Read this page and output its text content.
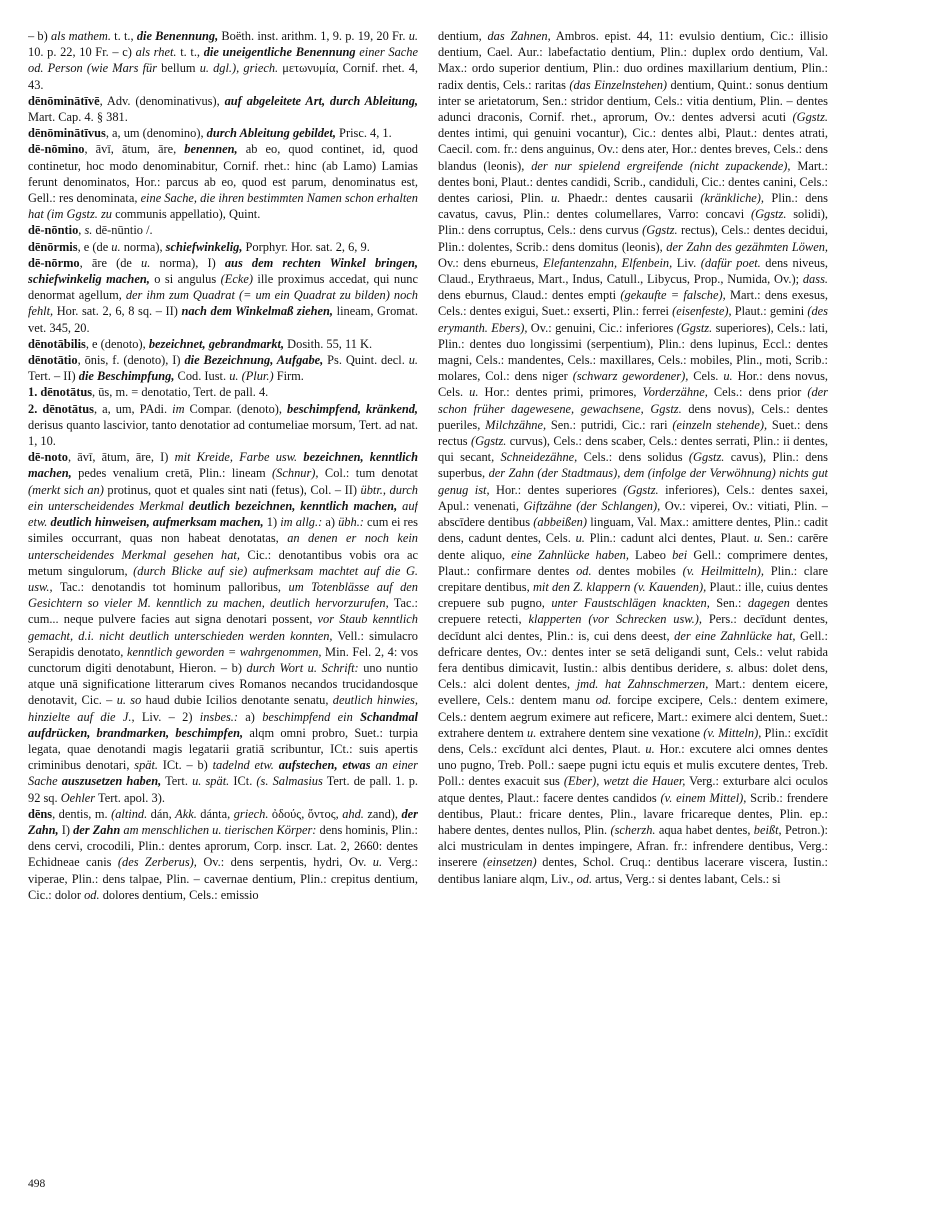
– b) als mathem. t. t., die Benennung, Boëth. inst. arithm. 1, 9. p. 19, 20 Fr. u. 10. p. 22, 10 Fr. – c) als rhet. t. t., die uneigentliche Benennung einer Sache od. Person (wie Mars für bellum u. dgl.), griech. μετωνυμία, Cornif. rhet. 4, 43.

dēnōminātīvē, Adv. (denominativus), auf abgeleitete Art, durch Ableitung, Mart. Cap. 4. § 381.

dēnōminātīvus, a, um (denomino), durch Ableitung gebildet, Prisc. 4, 1.

dē-nōmino, āvī, ātum, āre, benennen, ab eo, quod continet, id, quod continetur, hoc modo denominabitur, Cornif. rhet.: hinc (ab Lamo) Lamias ferunt denominatos, Hor.: parcus ab eo, quod est parum, denominatus est, Gell.: res denominata, eine Sache, die ihren bestimmten Namen schon erhalten hat (im Ggstz. zu communis appellatio), Quint.

dē-nōntio, s. dē-nūntio /.

dēnōrmis, e (de u. norma), schiefwinkelig, Porphyr. Hor. sat. 2, 6, 9.

dē-nōrmo, āre (de u. norma), I) aus dem rechten Winkel bringen, schiefwinkelig machen, o si angulus (Ecke) ille proximus accedat, qui nunc denormat agellum, der ihm zum Quadrat (= um ein Quadrat zu bilden) noch fehlt, Hor. sat. 2, 6, 8 sq. – II) nach dem Winkelmaß ziehen, lineam, Gromat. vet. 345, 20.

dēnotābilis, e (denoto), bezeichnet, gebrandmarkt, Dosith. 55, 11 K.

dēnotātio, ōnis, f. (denoto), I) die Bezeichnung, Aufgabe, Ps. Quint. decl. u. Tert. – II) die Beschimpfung, Cod. Iust. u. (Plur.) Firm.

1. dēnotātus, ūs, m. = denotatio, Tert. de pall. 4.

2. dēnotātus, a, um, PAdi. im Compar. (denoto), beschimpfend, kränkend, derisus quanto lascivior, tanto denotatior ad contumeliae morsum, Tert. ad nat. 1, 10.

dē-noto, āvī, ātum, āre, I) mit Kreide, Farbe usw. bezeichnen, kenntlich machen, pedes venalium cretā, Plin.: lineam (Schnur), Col.: tum denotat (merkt sich an) protinus, quot et quales sint nati (fetus), Col. – II) übtr., durch ein unterscheidendes Merkmal deutlich bezeichnen, kenntlich machen, auf etw. deutlich hinweisen, aufmerksam machen, 1) im allg.: a) übh.: cum ei res similes occurrant, quas non habeat denotatas, an denen er noch kein unterscheidendes Merkmal gesehen hat, Cic.: denotantibus vobis ora ac metum singulorum, (durch Blicke auf sie) aufmerksam machtet auf die G. usw., Tac.: denotandis tot hominum palloribus, um Totenblässe auf den Gesichtern so vieler M. kenntlich zu machen, deutlich hervorzurufen, Tac.: cum... neque pulvere facies aut signa denotari possent, vor Staub kenntlich gemacht, d.i. nicht deutlich unterschieden werden konnten, Vell.: simulacro Serapidis denotato, kenntlich geworden = wahrgenommen, Min. Fel. 2, 4: vos cunctorum digiti denotabunt, Hieron. – b) durch Wort u. Schrift: uno nuntio atque unā significatione litterarum cives Romanos necandos trucidandosque denotavit, Cic. – u. so haud dubie Icilios denotante senatu, deutlich hinwies, hinzielte auf die J., Liv. – 2) insbes.: a) beschimpfend ein Schandmal aufdrücken, brandmarken, beschimpfen, alqm omni probro, Suet.: turpia legata, quae denotandi magis legatarii gratiā scribuntur, ICt.: suis apertis criminibus denotari, spät. ICt. – b) tadelnd etw. aufstechen, etwas an einer Sache auszusetzen haben, Tert. u. spät. ICt. (s. Salmasius Tert. de pall. 1. p. 92 sq. Oehler Tert. apol. 3).

dēns, dentis, m. (altind. dán, Akk. dánta, griech. ὀδούς, ὄντος, ahd. zand), der Zahn, I) der Zahn am menschlichen u. tierischen Körper: dens hominis, Plin.: dens cervi, crocodili, Plin.: dentes aprorum, Corp. inscr. Lat. 2, 2660: dentes Echidneae canis (des Zerberus), Ov.: dens serpentis, hydri, Ov. u. Verg.: viperae, Plin.: dens talpae, Plin. – cavernae dentium, Plin.: crepitus dentium, Cic.: dolor od. dolores dentium, Cels.: emissio

dentium, das Zahnen, Ambros. epist. 44, 11: evulsio dentium, Cic.: illisio dentium, Cael. Aur.: labefactatio dentium, Plin.: duplex ordo dentium, Val. Max.: ordo superior dentium, Plin.: duo ordines maxillarium dentium, Plin.: radix dentis, Cels.: raritas (das Einzelnstehen) dentium, Quint.: sonus dentium inter se arietatorum, Sen.: stridor dentium, Cels.: vitia dentium, Plin. – dentes adunci draconis, Cornif. rhet., aprorum, Ov.: dentes adversi acuti (Ggstz. dentes intimi, qui genuini vocantur), Cic.: dentes albi, Plaut.: dentes atrati, Caecil. com. fr.: dens anguinus, Ov.: dens ater, Hor.: dentes breves, Cels.: dens blandus (leonis), der nur spielend ergreifende (nicht zupackende), Mart.: dentes boni, Plaut.: dentes candidi, Scrib., candiduli, Cic.: dentes canini, Cels.: dentes cariosi, Plin. u. Phaedr.: dentes causarii (kränkliche), Plin.: dens cavatus, cavus, Plin.: dentes columellares, Varro: concavi (Ggstz. solidi), Plin.: dens corruptus, Cels.: dens curvus (Ggstz. rectus), Cels.: dentes decidui, Plin.: dolentes, Scrib.: dens domitus (leonis), der Zahn des gezähmten Löwen, Ov.: dens eburneus, Elefantenzahn, Elfenbein, Liv. (dafür poet. dens niveus, Claud., Erythraeus, Mart., Indus, Catull., Libycus, Prop., Numida, Ov.); dass. dens eburnus, Claud.: dentes empti (gekaufte = falsche), Mart.: dens exesus, Cels.: dentes exigui, Suet.: exserti, Plin.: ferrei (eisenfeste), Plaut.: gemini (des erymanth. Ebers), Ov.: genuini, Cic.: inferiores (Ggstz. superiores), Cels.: lati, Plin.: dentes duo longissimi (serpentium), Plin.: dens lupinus, Eccl.: dentes magni, Cels.: mandentes, Cels.: maxillares, Cels.: mobiles, Plin., moti, Scrib.: molares, Col.: dens niger (schwarz gewordener), Cels. u. Hor.: dens novus, Cels. u. Hor.: dentes primi, primores, Vorderzähne, Cels.: dens prior (der schon früher dagewesene, gewachsene, Ggstz. dens novus), Cels.: dentes pueriles, Milchzähne, Sen.: putridi, Cic.: rari (einzeln stehende), Suet.: dens rectus (Ggstz. curvus), Cels.: dens scaber, Cels.: dentes serrati, Plin.: ii dentes, qui secant, Schneidezähne, Cels.: dens solidus (Ggstz. cavus), Plin.: dens superbus, der Zahn (der Stadtmaus), dem (infolge der Verwöhnung) nichts gut genug ist, Hor.: dentes superiores (Ggstz. inferiores), Cels.: dentes saxei, Apul.: venenati, Giftzähne (der Schlangen), Ov.: viperei, Ov.: vitiati, Plin. – abscīdere dentibus (abbeißen) linguam, Val. Max.: amittere dentes, Plin.: cadit dens, cadunt dentes, Cels. u. Plin.: cadunt alci dentes, Plaut. u. Sen.: carēre dente aliquo, eine Zahnlücke haben, Labeo bei Gell.: comprimere dentes, Plaut.: confirmare dentes od. dentes mobiles (v. Heilmitteln), Plin.: clare crepitare dentibus, mit den Z. klappern (v. Kauenden), Plaut.: ille, cuius dentes crepuere sub pugno, unter Faustschlägen knackten, Sen.: dagegen dentes crepuere retecti, klapperten (vor Schrecken usw.), Pers.: decīdunt dentes, decīdunt alci dentes, Plin.: is, cui dens deest, der eine Zahnlücke hat, Gell.: defricare dentes, Ov.: dentes inter se setā deligandi sunt, Cels.: velut rabida fera dentibus dimicavit, Iustin.: albis dentibus deridere, s. albus: dolet dens, Cels.: alci dolent dentes, jmd. hat Zahnschmerzen, Mart.: dentem eicere, evellere, Cels.: dentem manu od. forcipe excipere, Cels.: dentem eximere, Cels.: dentem aegrum eximere aut reficere, Mart.: eximere alci dentem, Suet.: extrahere dentem u. extrahere dentem sine vexatione (v. Mitteln), Plin.: excīdit dens, Cels.: excīdunt alci dentes, Plaut. u. Hor.: excutere alci omnes dentes uno pugno, Treb. Poll.: saepe pugni ictu equis et mulis excutere dentes, Treb. Poll.: dentes exacuit sus (Eber), wetzt die Hauer, Verg.: exturbare alci oculos atque dentes, Plaut.: facere dentes candidos (v. einem Mittel), Scrib.: frendere dentibus, Plaut.: fricare dentes, Plin., lavare fricareque dentes, Plin. ep.: habere dentes, dentes nullos, Plin. (scherzh. aqua habet dentes, beißt, Petron.): alci mustriculam in dentes impingere, Afran. fr.: infrendere dentibus, Verg.: inserere (einsetzen) dentes, Schol. Cruq.: dentibus lacerare viscera, Iustin.: dentibus laniare alqm, Liv., od. artus, Verg.: si dentes labant, Cels.: si

498
